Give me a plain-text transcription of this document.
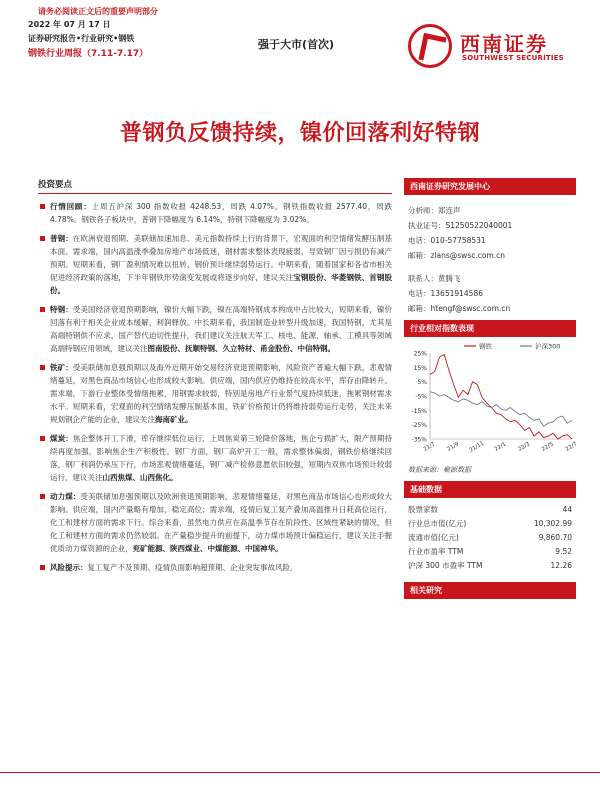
2022 年 07 月 17 日
证券研究报告•行业研究•钢铁
钢铁行业周报（7.11-7.17）
强于大市(首次)	西南证券
SOUTHWEST SECURITIES
普钢负反馈持续，镍价回落利好特钢
投资要点
行情回顾：上周五沪深 300 指数收报 4248.53，周跌 4.07%。钢铁指数收报 2577.40，周跌 4.78%。钢铁各子板块中，普钢下降幅度为 6.14%，特钢下降幅度为 3.02%。
普钢：在欧洲衰退预期、美联储加速加息、美元指数持续上行的背景下，宏观面的利空情绪发酵压制基本面。需求端，国内高温涨季叠加房地产市场低迷，钢材需求整体表现疲弱，导致钢厂因亏损仍有减产预期。短期来看，钢厂盈利情况难以扭转，钢价预计继续弱势运行。中期来看，随着国家和各省市相关促进经济政策的落地，下半年钢铁形势演变发展或将逐步向好，建议关注宝钢股份、华菱钢铁、首钢股份。
特钢：受美国经济衰退预期影响，镍价大幅下跌，镍在高端特钢成本构成中占比较大，短期来看，镍价回落有利于相关企业成本缓解，利润释放。中长期来看，我国制造业转型升级加速，我国特钢，尤其是高端特钢供不应求，国产替代迫切性提升，我们建议关注航天军工、核电、能源、轴承、工模具等领域高端特钢应用领域，建议关注图南股份、抚顺特钢、久立特材、甬金股份、中信特钢。
铁矿：受美联储加息强预期以及海外近期开始交易经济衰退预期影响，风险资产普遍大幅下跌，悲观情绪蔓延，对黑色商品市场信心也形成较大影响。供应端，国内供应仍维持在较高水平，库存由降转升。需求端，下游行业整体受情绪拖累，用钢需求较弱，特别是房地产行业景气度持续低迷，拖累钢材需求水平。短期来看，宏观面的利空情绪发酵压制基本面，铁矿价格预计仍将维持弱势运行走势，关注未来规划钢企产能的企业，建议关注海南矿业。
煤炭：焦企整体开工下滑，库存继续低位运行，上周焦炭第三轮降价落地，焦企亏损扩大，限产预期持续再度加强，影响焦企生产积极性。钢厂方面，钢厂高炉开工一般，需求整体偏弱，钢铁价格继续回落，钢厂利润仍承压下行，市场悲观情绪蔓延，钢厂减产检修意愿依旧较强，短期内双焦市场预计较弱运行，建议关注山西焦煤、山西焦化。
动力煤：受美联储加息强预期以及欧洲衰退预期影响，悲观情绪蔓延，对黑色商品市场信心也形成较大影响。供应端，国内产量略有增加，稳定高位；需求端，疫情后复工复产叠加高温推升日耗高位运行，化工和建材方面的需求下行。综合来看，虽然电力供应在高温季节存在阶段性、区域性紧缺的情况，但化工和建材方面的需求仍然较弱。在产量稳步提升的前提下，动力煤市场预计偏稳运行，建议关注手握优质动力煤资源的企业，兖矿能源、陕西煤业、中煤能源、中国神华。
风险提示：复工复产不及预期、疫情负面影响超预期、企业突发事故风险。
西南证券研究发展中心
分析师：郑连声
执业证号：S1250522040001
电话：010-57758531
邮箱：zlans@swsc.com.cn
联系人：黄腾飞
电话：13651914586
邮箱：htengf@swsc.com.cn
行业相对指数表现
25%
15%
5%
-5%
-15%
-25%
-35%
21/7 21/9 21/11 22/1 22/3 22/5 22/7
钢铁	沪深300
数据来源：聚源数据
基础数据
股票家数	44
行业总市值(亿元)	10,302.99
流通市值(亿元)	9,860.70
行业市盈率 TTM	9.52
沪深 300 市盈率 TTM	12.26
相关研究
请务必阅读正文后的重要声明部分
